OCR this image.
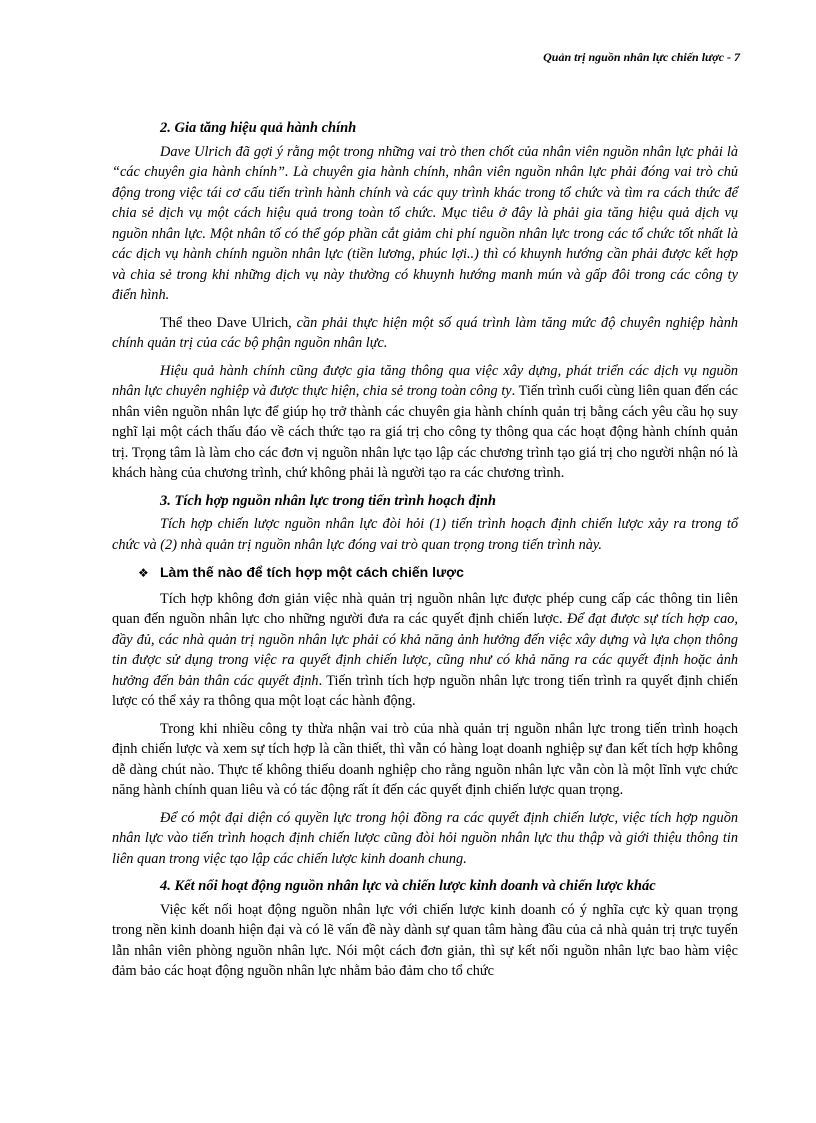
Quản trị nguồn nhân lực chiến lược - 7
2. Gia tăng hiệu quả hành chính

Dave Ulrich đã gợi ý rằng một trong những vai trò then chốt của nhân viên nguồn nhân lực phải là “các chuyên gia hành chính”. Là chuyên gia hành chính, nhân viên nguồn nhân lực phải đóng vai trò chủ động trong việc tái cơ cấu tiến trình hành chính và các quy trình khác trong tổ chức và tìm ra cách thức để chia sẻ dịch vụ một cách hiệu quả trong toàn tổ chức. Mục tiêu ở đây là phải gia tăng hiệu quả dịch vụ nguồn nhân lực. Một nhân tố có thể góp phần cắt giảm chi phí nguồn nhân lực trong các tổ chức tốt nhất là các dịch vụ hành chính nguồn nhân lực (tiền lương, phúc lợi..) thì có khuynh hướng cần phải được kết hợp và chia sẻ trong khi những dịch vụ này thường có khuynh hướng manh mún và gấp đôi trong các công ty điển hình.

Thể theo Dave Ulrich, cần phải thực hiện một số quá trình làm tăng mức độ chuyên nghiệp hành chính quản trị của các bộ phận nguồn nhân lực.

Hiệu quả hành chính cũng được gia tăng thông qua việc xây dựng, phát triển các dịch vụ nguồn nhân lực chuyên nghiệp và được thực hiện, chia sẻ trong toàn công ty. Tiến trình cuối cùng liên quan đến các nhân viên nguồn nhân lực để giúp họ trở thành các chuyên gia hành chính quản trị bằng cách yêu cầu họ suy nghĩ lại một cách thấu đáo về cách thức tạo ra giá trị cho công ty thông qua các hoạt động hành chính quản trị. Trọng tâm là làm cho các đơn vị nguồn nhân lực tạo lập các chương trình tạo giá trị cho người nhận nó là khách hàng của chương trình, chứ không phải là người tạo ra các chương trình.

3. Tích hợp nguồn nhân lực trong tiến trình hoạch định

Tích hợp chiến lược nguồn nhân lực đòi hỏi (1) tiến trình hoạch định chiến lược xảy ra trong tổ chức và (2) nhà quản trị nguồn nhân lực đóng vai trò quan trọng trong tiến trình này.

❖ Làm thế nào để tích hợp một cách chiến lược

Tích hợp không đơn giản việc nhà quản trị nguồn nhân lực được phép cung cấp các thông tin liên quan đến nguồn nhân lực cho những người đưa ra các quyết định chiến lược. Để đạt được sự tích hợp cao, đầy đủ, các nhà quản trị nguồn nhân lực phải có khả năng ảnh hưởng đến việc xây dựng và lựa chọn thông tin được sử dụng trong việc ra quyết định chiến lược, cũng như có khả năng ra các quyết định hoặc ảnh hưởng đến bản thân các quyết định. Tiến trình tích hợp nguồn nhân lực trong tiến trình ra quyết định chiến lược có thể xảy ra thông qua một loạt các hành động.

Trong khi nhiều công ty thừa nhận vai trò của nhà quản trị nguồn nhân lực trong tiến trình hoạch định chiến lược và xem sự tích hợp là cần thiết, thì vẫn có hàng loạt doanh nghiệp sự đan kết tích hợp không dễ dàng chút nào. Thực tế không thiếu doanh nghiệp cho rằng nguồn nhân lực vẫn còn là một lĩnh vực chức năng hành chính quan liêu và có tác động rất ít đến các quyết định chiến lược quan trọng.

Để có một đại diện có quyền lực trong hội đồng ra các quyết định chiến lược, việc tích hợp nguồn nhân lực vào tiến trình hoạch định chiến lược cũng đòi hỏi nguồn nhân lực thu thập và giới thiệu thông tin liên quan trong việc tạo lập các chiến lược kinh doanh chung.

4. Kết nối hoạt động nguồn nhân lực và chiến lược kinh doanh và chiến lược khác

Việc kết nối hoạt động nguồn nhân lực với chiến lược kinh doanh có ý nghĩa cực kỳ quan trọng trong nền kinh doanh hiện đại và có lẽ vấn đề này dành sự quan tâm hàng đầu của cả nhà quản trị trực tuyến lẫn nhân viên phòng nguồn nhân lực. Nói một cách đơn giản, thì sự kết nối nguồn nhân lực bao hàm việc đảm bảo các hoạt động nguồn nhân lực nhằm bảo đảm cho tổ chức
